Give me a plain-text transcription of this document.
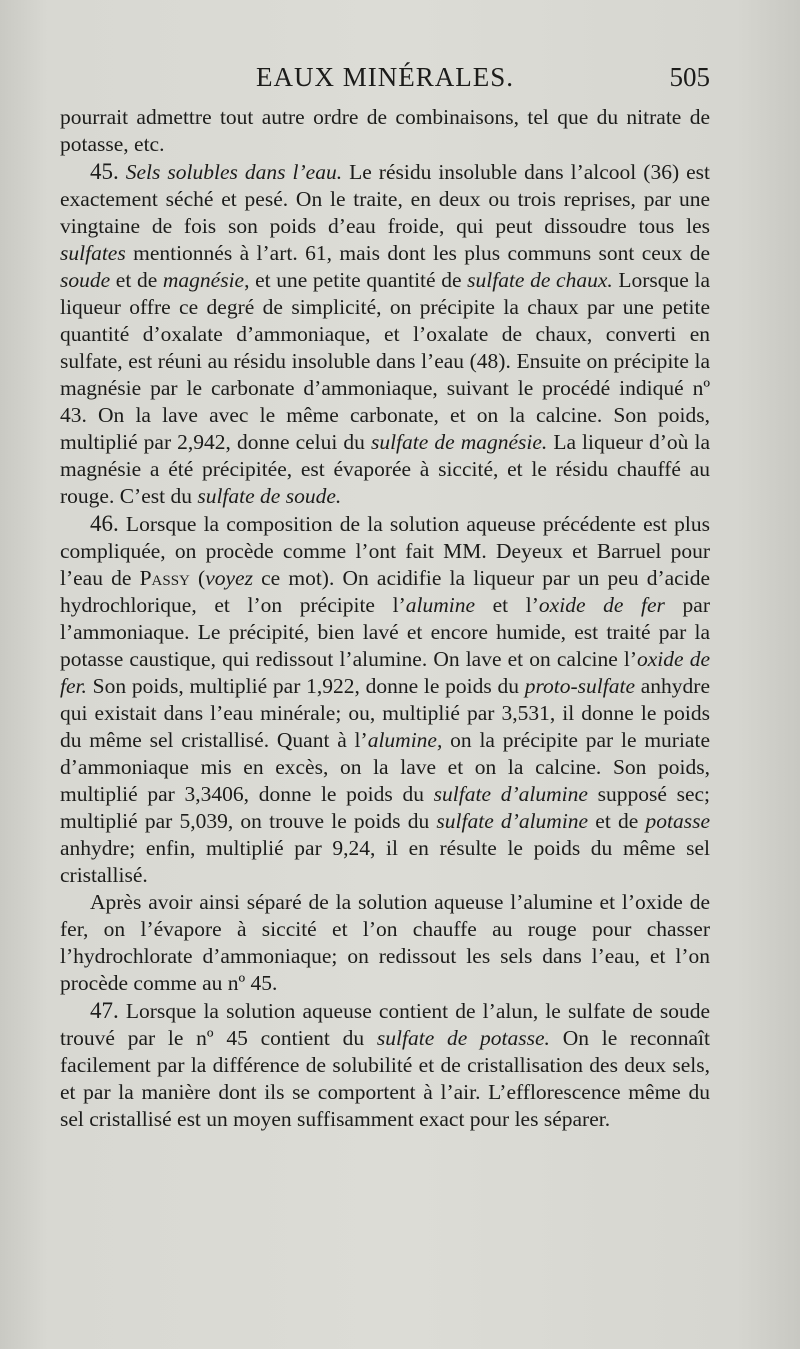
EAUX MINÉRALES.	505

pourrait admettre tout autre ordre de combinaisons, tel que du nitrate de potasse, etc.

45. Sels solubles dans l’eau. Le résidu insoluble dans l’alcool (36) est exactement séché et pesé. On le traite, en deux ou trois reprises, par une vingtaine de fois son poids d’eau froide, qui peut dissoudre tous les sulfates mentionnés à l’art. 61, mais dont les plus communs sont ceux de soude et de magnésie, et une petite quantité de sulfate de chaux. Lorsque la liqueur offre ce degré de simplicité, on précipite la chaux par une petite quantité d’oxalate d’ammoniaque, et l’oxalate de chaux, converti en sulfate, est réuni au résidu insoluble dans l’eau (48). Ensuite on précipite la magnésie par le carbonate d’ammoniaque, suivant le procédé indiqué nº 43. On la lave avec le même carbonate, et on la calcine. Son poids, multiplié par 2,942, donne celui du sulfate de magnésie. La liqueur d’où la magnésie a été précipitée, est évaporée à siccité, et le résidu chauffé au rouge. C’est du sulfate de soude.

46. Lorsque la composition de la solution aqueuse précédente est plus compliquée, on procède comme l’ont fait MM. Deyeux et Barruel pour l’eau de Passy (voyez ce mot). On acidifie la liqueur par un peu d’acide hydrochlorique, et l’on précipite l’alumine et l’oxide de fer par l’ammoniaque. Le précipité, bien lavé et encore humide, est traité par la potasse caustique, qui redissout l’alumine. On lave et on calcine l’oxide de fer. Son poids, multiplié par 1,922, donne le poids du proto-sulfate anhydre qui existait dans l’eau minérale; ou, multiplié par 3,531, il donne le poids du même sel cristallisé. Quant à l’alumine, on la précipite par le muriate d’ammoniaque mis en excès, on la lave et on la calcine. Son poids, multiplié par 3,3406, donne le poids du sulfate d’alumine supposé sec; multiplié par 5,039, on trouve le poids du sulfate d’alumine et de potasse anhydre; enfin, multiplié par 9,24, il en résulte le poids du même sel cristallisé.

Après avoir ainsi séparé de la solution aqueuse l’alumine et l’oxide de fer, on l’évapore à siccité et l’on chauffe au rouge pour chasser l’hydrochlorate d’ammoniaque; on redissout les sels dans l’eau, et l’on procède comme au nº 45.

47. Lorsque la solution aqueuse contient de l’alun, le sulfate de soude trouvé par le nº 45 contient du sulfate de potasse. On le reconnaît facilement par la différence de solubilité et de cristallisation des deux sels, et par la manière dont ils se comportent à l’air. L’efflorescence même du sel cristallisé est un moyen suffisamment exact pour les séparer.
